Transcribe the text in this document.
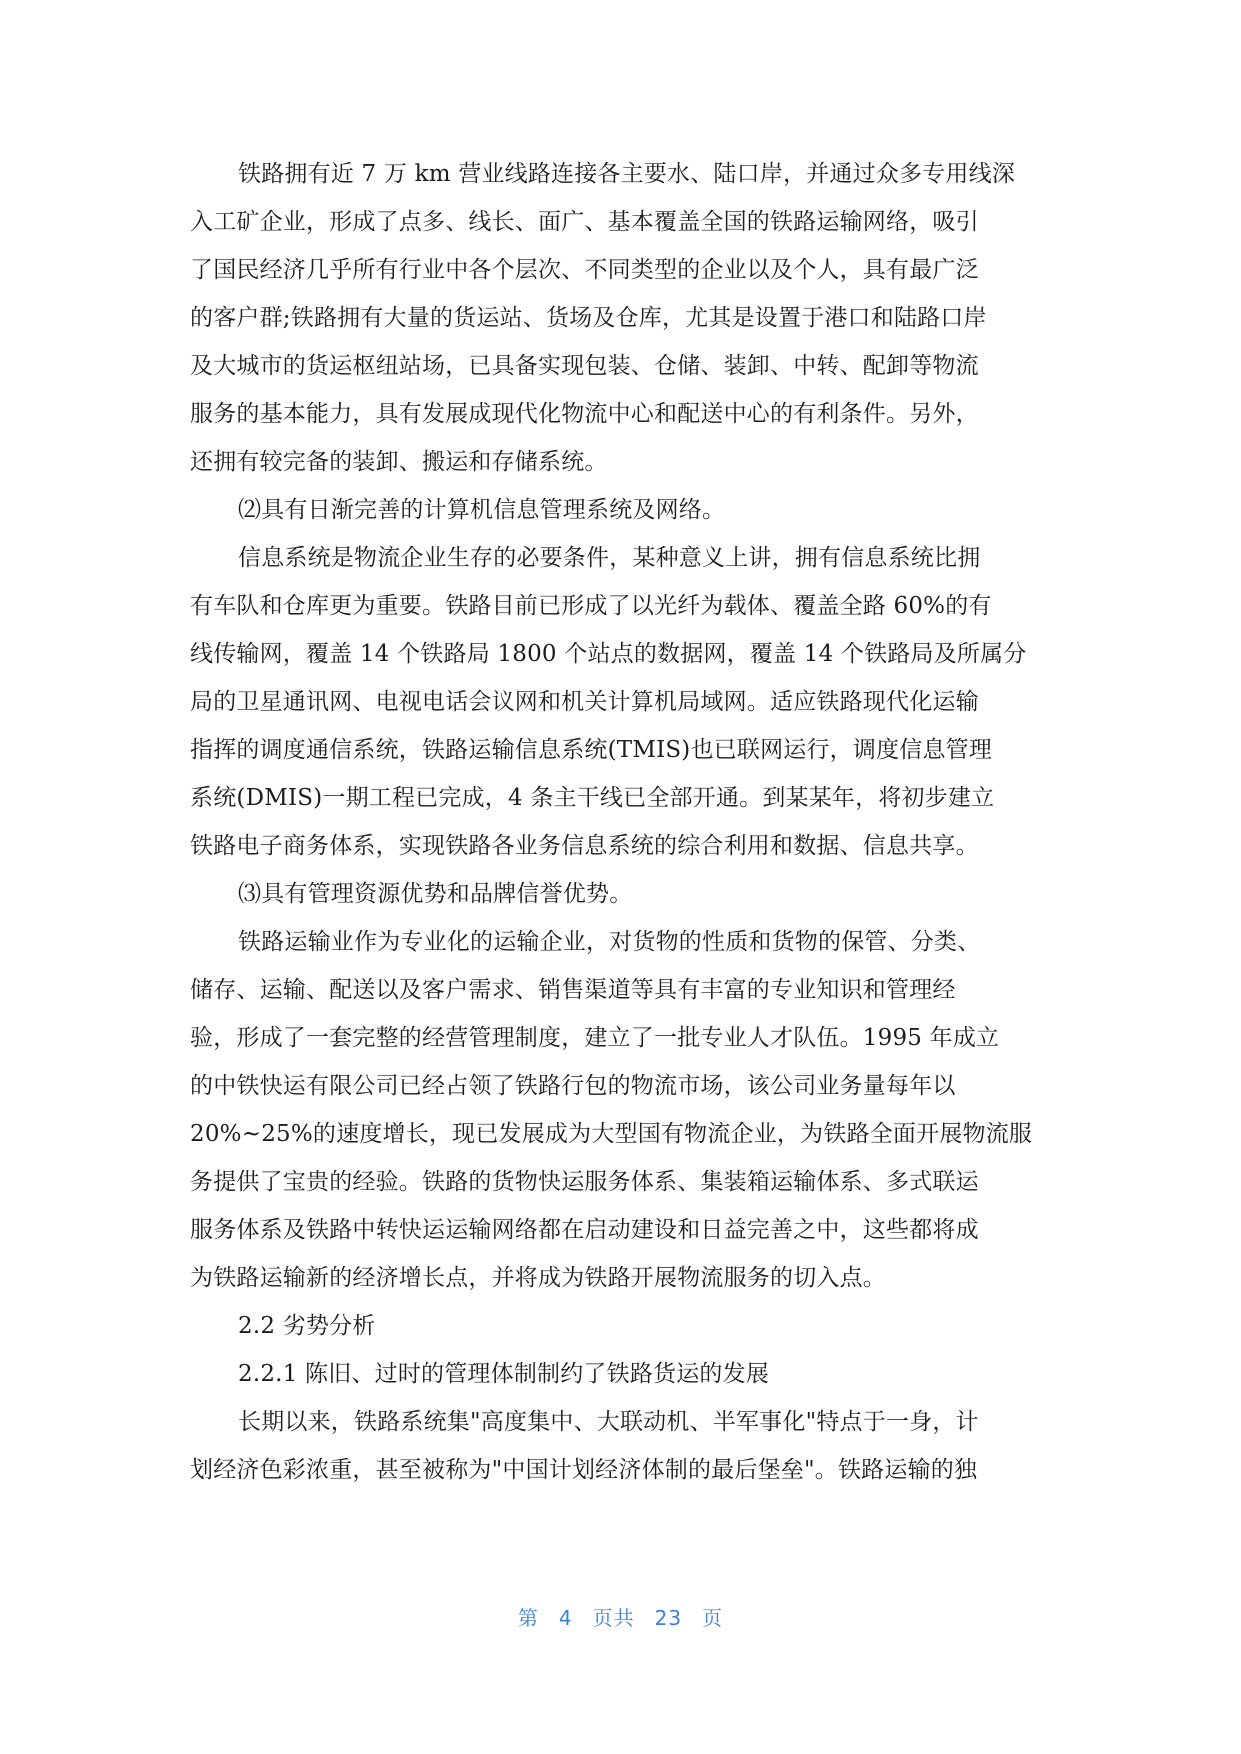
铁路拥有近 7 万 km 营业线路连接各主要水、陆口岸，并通过众多专用线深
入工矿企业，形成了点多、线长、面广、基本覆盖全国的铁路运输网络，吸引
了国民经济几乎所有行业中各个层次、不同类型的企业以及个人，具有最广泛
的客户群;铁路拥有大量的货运站、货场及仓库，尤其是设置于港口和陆路口岸
及大城市的货运枢纽站场，已具备实现包装、仓储、装卸、中转、配卸等物流
服务的基本能力，具有发展成现代化物流中心和配送中心的有利条件。另外，
还拥有较完备的装卸、搬运和存储系统。
⑵具有日渐完善的计算机信息管理系统及网络。
信息系统是物流企业生存的必要条件，某种意义上讲，拥有信息系统比拥
有车队和仓库更为重要。铁路目前已形成了以光纤为载体、覆盖全路 60%的有
线传输网，覆盖 14 个铁路局 1800 个站点的数据网，覆盖 14 个铁路局及所属分
局的卫星通讯网、电视电话会议网和机关计算机局域网。适应铁路现代化运输
指挥的调度通信系统，铁路运输信息系统(TMIS)也已联网运行，调度信息管理
系统(DMIS)一期工程已完成，4 条主干线已全部开通。到某某年，将初步建立
铁路电子商务体系，实现铁路各业务信息系统的综合利用和数据、信息共享。
⑶具有管理资源优势和品牌信誉优势。
铁路运输业作为专业化的运输企业，对货物的性质和货物的保管、分类、
储存、运输、配送以及客户需求、销售渠道等具有丰富的专业知识和管理经
验，形成了一套完整的经营管理制度，建立了一批专业人才队伍。1995 年成立
的中铁快运有限公司已经占领了铁路行包的物流市场，该公司业务量每年以
20%~25%的速度增长，现已发展成为大型国有物流企业，为铁路全面开展物流服
务提供了宝贵的经验。铁路的货物快运服务体系、集装箱运输体系、多式联运
服务体系及铁路中转快运运输网络都在启动建设和日益完善之中，这些都将成
为铁路运输新的经济增长点，并将成为铁路开展物流服务的切入点。
2.2 劣势分析
2.2.1 陈旧、过时的管理体制制约了铁路货运的发展
长期以来，铁路系统集"高度集中、大联动机、半军事化"特点于一身，计
划经济色彩浓重，甚至被称为"中国计划经济体制的最后堡垒"。铁路运输的独
第 4 页共 23 页
